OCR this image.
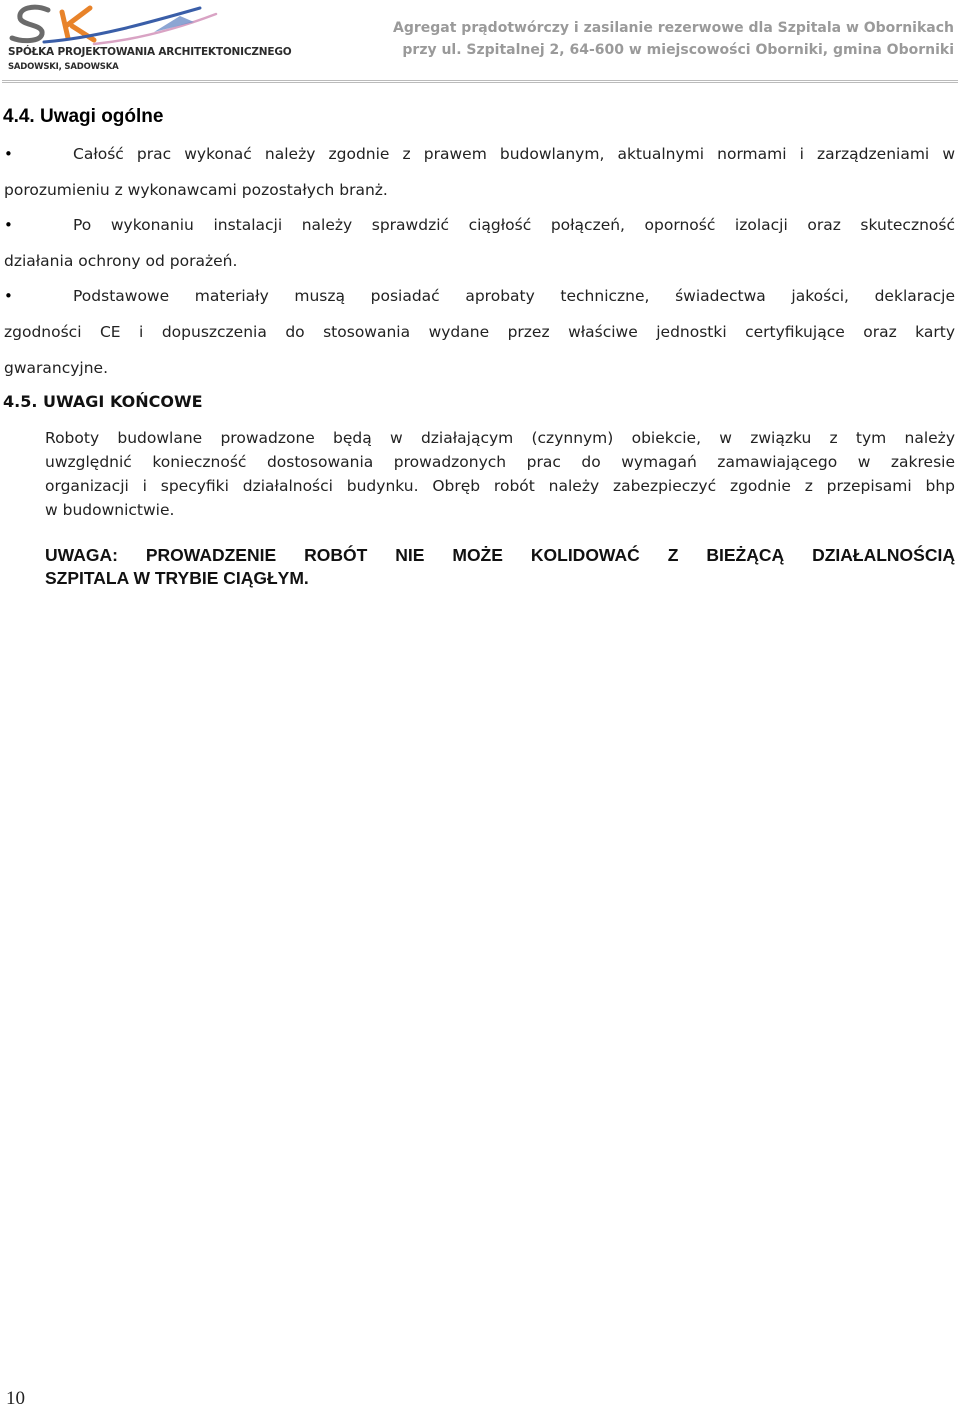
SPÓŁKA PROJEKTOWANIA ARCHITEKTONICZNEGO
SADOWSKI, SADOWSKA
Agregat prądotwórczy i zasilanie rezerwowe dla Szpitala w Obornikach
przy ul. Szpitalnej 2, 64-600 w miejscowości Oborniki, gmina Oborniki
4.4. Uwagi ogólne
•	Całość prac wykonać należy zgodnie z prawem budowlanym, aktualnymi normami i zarządzeniami w
porozumieniu z wykonawcami pozostałych branż.
•	Po wykonaniu instalacji należy sprawdzić ciągłość połączeń, oporność izolacji oraz skuteczność
działania ochrony od porażeń.
•	Podstawowe materiały muszą posiadać aprobaty techniczne, świadectwa jakości, deklaracje
zgodności CE i dopuszczenia do stosowania wydane przez właściwe jednostki certyfikujące oraz karty
gwarancyjne.
4.5. UWAGI KOŃCOWE
Roboty budowlane prowadzone będą w działającym (czynnym) obiekcie, w związku z tym należy
uwzględnić konieczność dostosowania prowadzonych prac do wymagań zamawiającego w zakresie
organizacji i specyfiki działalności budynku. Obręb robót należy zabezpieczyć zgodnie z przepisami bhp
w budownictwie.
UWAGA: PROWADZENIE ROBÓT NIE MOŻE KOLIDOWAĆ Z BIEŻĄCĄ DZIAŁALNOŚCIĄ
SZPITALA W TRYBIE CIĄGŁYM.
10
